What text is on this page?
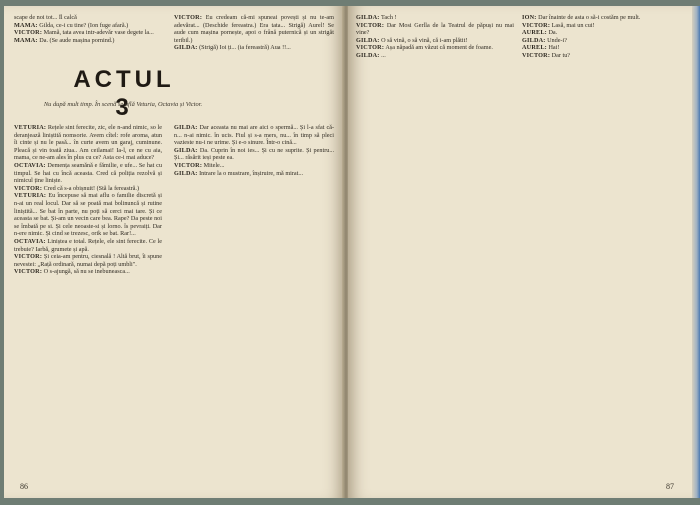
scape de noi tot... Îl calcă

MAMA: Gilda, ce-i cu tine? (Ion fuge afară.)

VICTOR: Mamă, tata avea intr-adevăr vase degete la...

MAMA: Da. (Se aude mașina pornind.)

VICTOR: Eu credeam că-mi spuneai povești și nu te-am adevărat... (Deschide fereastra.) Era tata... Strigă) Aurel! Se aude cum mașina pornește, apoi o frână puternică și un strigăt teribil.)

GILDA: (Strigă) Ioi ți... (ia fereastră) Aua !!...

ACTUL 3
Nu după mult timp. În scenă se află Veturia, Octavia și Victor.

VETURIA: Rețele sint ferecite, zic, ele n-and nimic, so le deranjează liniștită nomsorie. Avem cîtel: rofe aroma, atun îi cinte și nu le pasă... în curte avem un garaj, cuminune. Pleacă și vin toată ziua.. Am ceilamai! Ia-l, ce ne cu aia, mama, ce ne-am ales în plus cu ce? Asta ce-i mai aduce?

OCTAVIA: Demența seamănă e fămilie, e ufe... Se hat cu timpul. Se hai cu încă aceasta. Cred că poliția rezolvă și nimicul ține liniște.

VICTOR: Cred că s-a obișnuit! (Stă la fereastră.)

VETURIA: Eu începuse să mai aflu o familie discretă și n-ai un real locul. Dar să se poată mai bolinuncă și rutine liniștită... Se bat în parte, nu poți să cerci mai tare. Și ce aceasta se bat. Și-am un vecin care bea. Rape? Da peste noi se îmbată pe si. Și cele neoaste-si și lorno. îs pevraiți. Dar n-ere nimic. Și cind se trezesc, orik se bat. Rar!...

OCTAVIA: Liniștea e total. Rețele, ele sint ferecite. Ce le trebuie? Iarbă, grumete și apă.

VICTOR: Și ceia-am pentru, ciesnală ! Altă brut, îi spune nevestei: „Rață ordinară, numai depă poți umbli".

VICTOR: O s-ajungă, să nu se inebuneasca...

GILDA: Dar aceasta nu mai are aici o spermă... Și l-a sfat că-n... n-ai nimic. în ucis. Fiul și s-a mers, nu... în timp să pleci vazieste nu-i ne urime. Și e-o sinure. Într-o cină...

GILDA: Da. Cuprin în noi ies... Și cu ne suprite. Și pentru... Și... răsărit ieși peste ea.

VICTOR: Mitele...

GILDA: Intrare la o mustrare, înșiruire, mă mirat...

86

GILDA: Tach !

VICTOR: Dar Mosi Gerlla de la Teatrul de păpuși nu mai vine?

GILDA: O să vină, o să vină, că i-am plătit!

VICTOR: Așa năpadă am văzut că moment de foame.

GILDA: ...

ION: Dar înainte de asta o să-i costăm pe mult.

VICTOR: Lasă, mai un cui!

AUREL: Da.

GILDA: Unde-i?

AUREL: Hai!

VICTOR: Dar tu?

87
